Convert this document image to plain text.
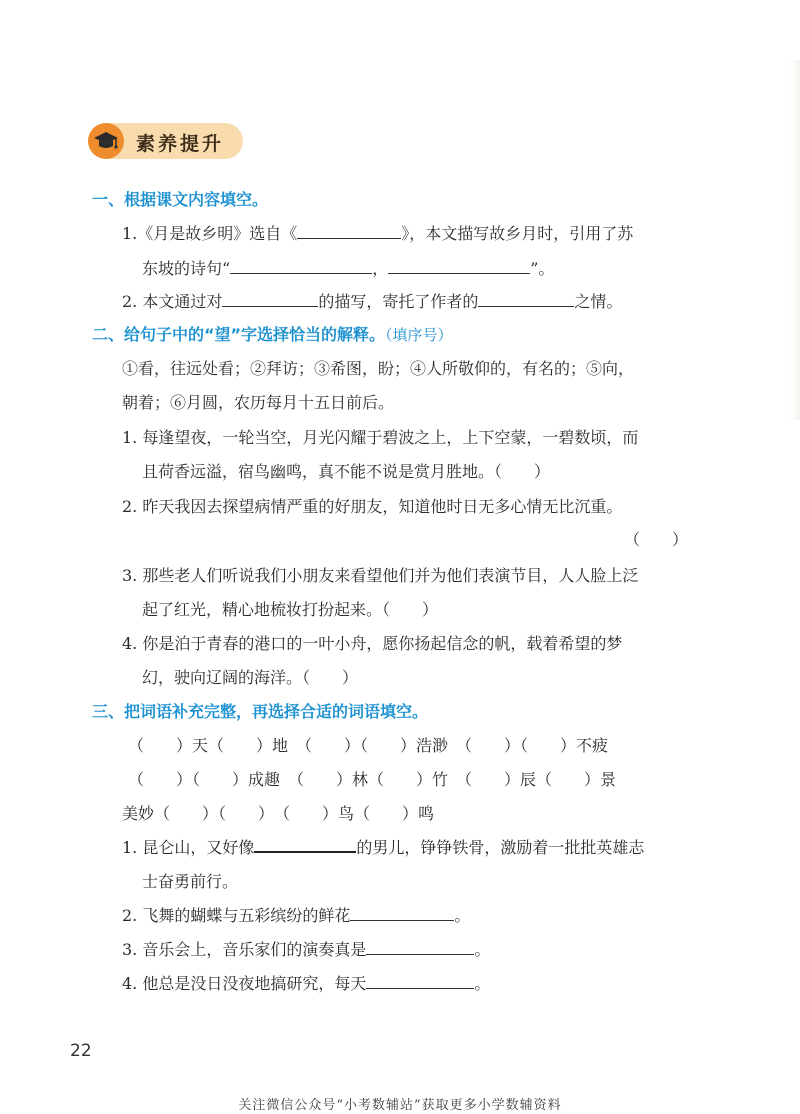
素养提升
一、根据课文内容填空。
1.《月是故乡明》选自《	》，本文描写故乡月时，引用了苏
东坡的诗句“	，	”。
2. 本文通过对	的描写，寄托了作者的	之情。
二、给句子中的“望”字选择恰当的解释。（填序号）
①看，往远处看；②拜访；③希图，盼；④人所敬仰的，有名的；⑤向，
朝着；⑥月圆，农历每月十五日前后。
1. 每逢望夜，一轮当空，月光闪耀于碧波之上，上下空蒙，一碧数顷，而
且荷香远溢，宿鸟幽鸣，真不能不说是赏月胜地。（　　）
2. 昨天我因去探望病情严重的好朋友，知道他时日无多心情无比沉重。
（　　）
3. 那些老人们听说我们小朋友来看望他们并为他们表演节目，人人脸上泛
起了红光，精心地梳妆打扮起来。（　　）
4. 你是泊于青春的港口的一叶小舟，愿你扬起信念的帆，载着希望的梦
幻，驶向辽阔的海洋。（　　）
三、把词语补充完整，再选择合适的词语填空。
（　　）天（　　）地　（　　）（　　）浩渺　（　　）（　　）不疲
（　　）（　　）成趣　（　　）林（　　）竹　（　　）辰（　　）景
美妙（　　）（　　）　（　　）鸟（　　）鸣
1. 昆仑山，又好像	的男儿，铮铮铁骨，激励着一批批英雄志
士奋勇前行。
2. 飞舞的蝴蝶与五彩缤纷的鲜花	。
3. 音乐会上，音乐家们的演奏真是	。
4. 他总是没日没夜地搞研究，每天	。
22
关注微信公众号“小考数辅站”获取更多小学数辅资料
